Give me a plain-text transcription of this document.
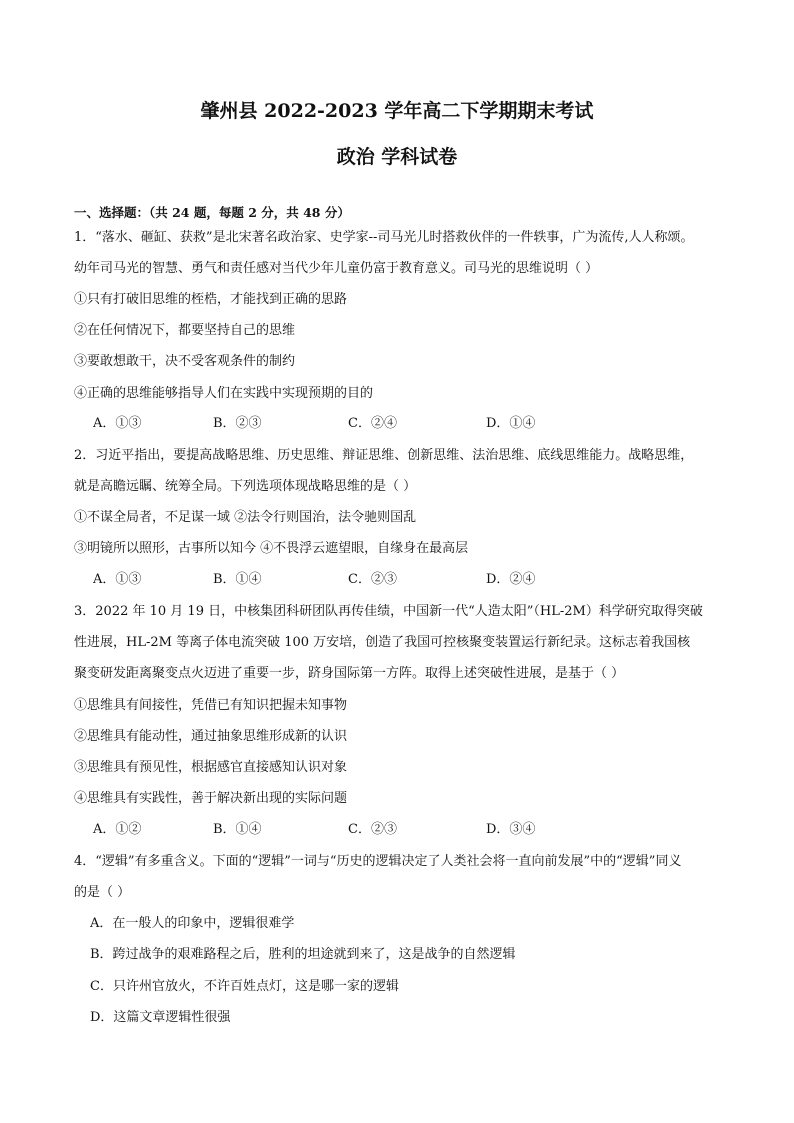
肇州县 2022-2023 学年高二下学期期末考试
政治 学科试卷
一、选择题：（共 24 题，每题 2 分，共 48 分）
1．“落水、砸缸、获救”是北宋著名政治家、史学家--司马光儿时搭救伙伴的一件轶事，广为流传,人人称颂。
幼年司马光的智慧、勇气和责任感对当代少年儿童仍富于教育意义。司马光的思维说明（ ）
①只有打破旧思维的桎梏，才能找到正确的思路
②在任何情况下，都要坚持自己的思维
③要敢想敢干，决不受客观条件的制约
④正确的思维能够指导人们在实践中实现预期的目的
A．①③	B．②③	C．②④	D．①④
2．习近平指出，要提高战略思维、历史思维、辩证思维、创新思维、法治思维、底线思维能力。战略思维，
就是高瞻远瞩、统筹全局。下列选项体现战略思维的是（ ）
①不谋全局者，不足谋一域 ②法令行则国治，法令驰则国乱
③明镜所以照形，古事所以知今 ④不畏浮云遮望眼，自缘身在最高层
A．①③	B．①④	C．②③	D．②④
3．2022 年 10 月 19 日，中核集团科研团队再传佳绩，中国新一代“人造太阳”（HL-2M）科学研究取得突破
性进展，HL-2M 等离子体电流突破 100 万安培，创造了我国可控核聚变装置运行新纪录。这标志着我国核
聚变研发距离聚变点火迈进了重要一步，跻身国际第一方阵。取得上述突破性进展，是基于（ ）
①思维具有间接性，凭借已有知识把握未知事物
②思维具有能动性，通过抽象思维形成新的认识
③思维具有预见性，根据感官直接感知认识对象
④思维具有实践性，善于解决新出现的实际问题
A．①②	B．①④	C．②③	D．③④
4．“逻辑”有多重含义。下面的“逻辑”一词与“历史的逻辑决定了人类社会将一直向前发展”中的“逻辑”同义
的是（ ）
A．在一般人的印象中，逻辑很难学
B．跨过战争的艰难路程之后，胜利的坦途就到来了，这是战争的自然逻辑
C．只许州官放火，不许百姓点灯，这是哪一家的逻辑
D．这篇文章逻辑性很强
